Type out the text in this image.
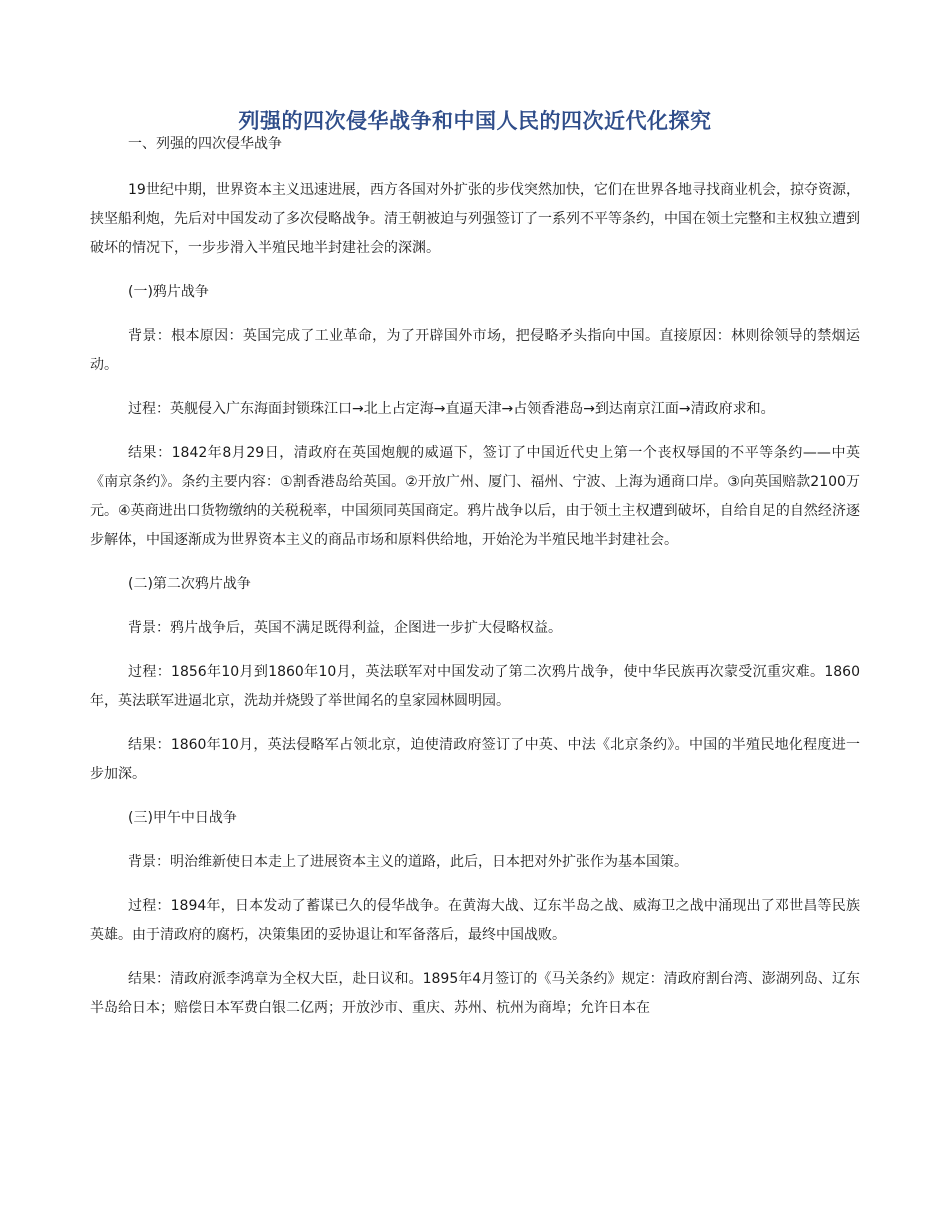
列强的四次侵华战争和中国人民的四次近代化探究
一、列强的四次侵华战争

19世纪中期，世界资本主义迅速进展，西方各国对外扩张的步伐突然加快，它们在世界各地寻找商业机会，掠夺资源，挟坚船利炮，先后对中国发动了多次侵略战争。清王朝被迫与列强签订了一系列不平等条约，中国在领土完整和主权独立遭到破坏的情况下，一步步滑入半殖民地半封建社会的深渊。

(一)鸦片战争

背景：根本原因：英国完成了工业革命，为了开辟国外市场，把侵略矛头指向中国。直接原因：林则徐领导的禁烟运动。

过程：英舰侵入广东海面封锁珠江口→北上占定海→直逼天津→占领香港岛→到达南京江面→清政府求和。

结果：1842年8月29日，清政府在英国炮舰的威逼下，签订了中国近代史上第一个丧权辱国的不平等条约——中英《南京条约》。条约主要内容：①割香港岛给英国。②开放广州、厦门、福州、宁波、上海为通商口岸。③向英国赔款2100万元。④英商进出口货物缴纳的关税税率，中国须同英国商定。鸦片战争以后，由于领土主权遭到破坏，自给自足的自然经济逐步解体，中国逐渐成为世界资本主义的商品市场和原料供给地，开始沦为半殖民地半封建社会。

(二)第二次鸦片战争

背景：鸦片战争后，英国不满足既得利益，企图进一步扩大侵略权益。

过程：1856年10月到1860年10月，英法联军对中国发动了第二次鸦片战争，使中华民族再次蒙受沉重灾难。1860年，英法联军进逼北京，洗劫并烧毁了举世闻名的皇家园林圆明园。

结果：1860年10月，英法侵略军占领北京，迫使清政府签订了中英、中法《北京条约》。中国的半殖民地化程度进一步加深。

(三)甲午中日战争

背景：明治维新使日本走上了进展资本主义的道路，此后，日本把对外扩张作为基本国策。

过程：1894年，日本发动了蓄谋已久的侵华战争。在黄海大战、辽东半岛之战、威海卫之战中涌现出了邓世昌等民族英雄。由于清政府的腐朽，决策集团的妥协退让和军备落后，最终中国战败。

结果：清政府派李鸿章为全权大臣，赴日议和。1895年4月签订的《马关条约》规定：清政府割台湾、澎湖列岛、辽东半岛给日本；赔偿日本军费白银二亿两；开放沙市、重庆、苏州、杭州为商埠；允许日本在
